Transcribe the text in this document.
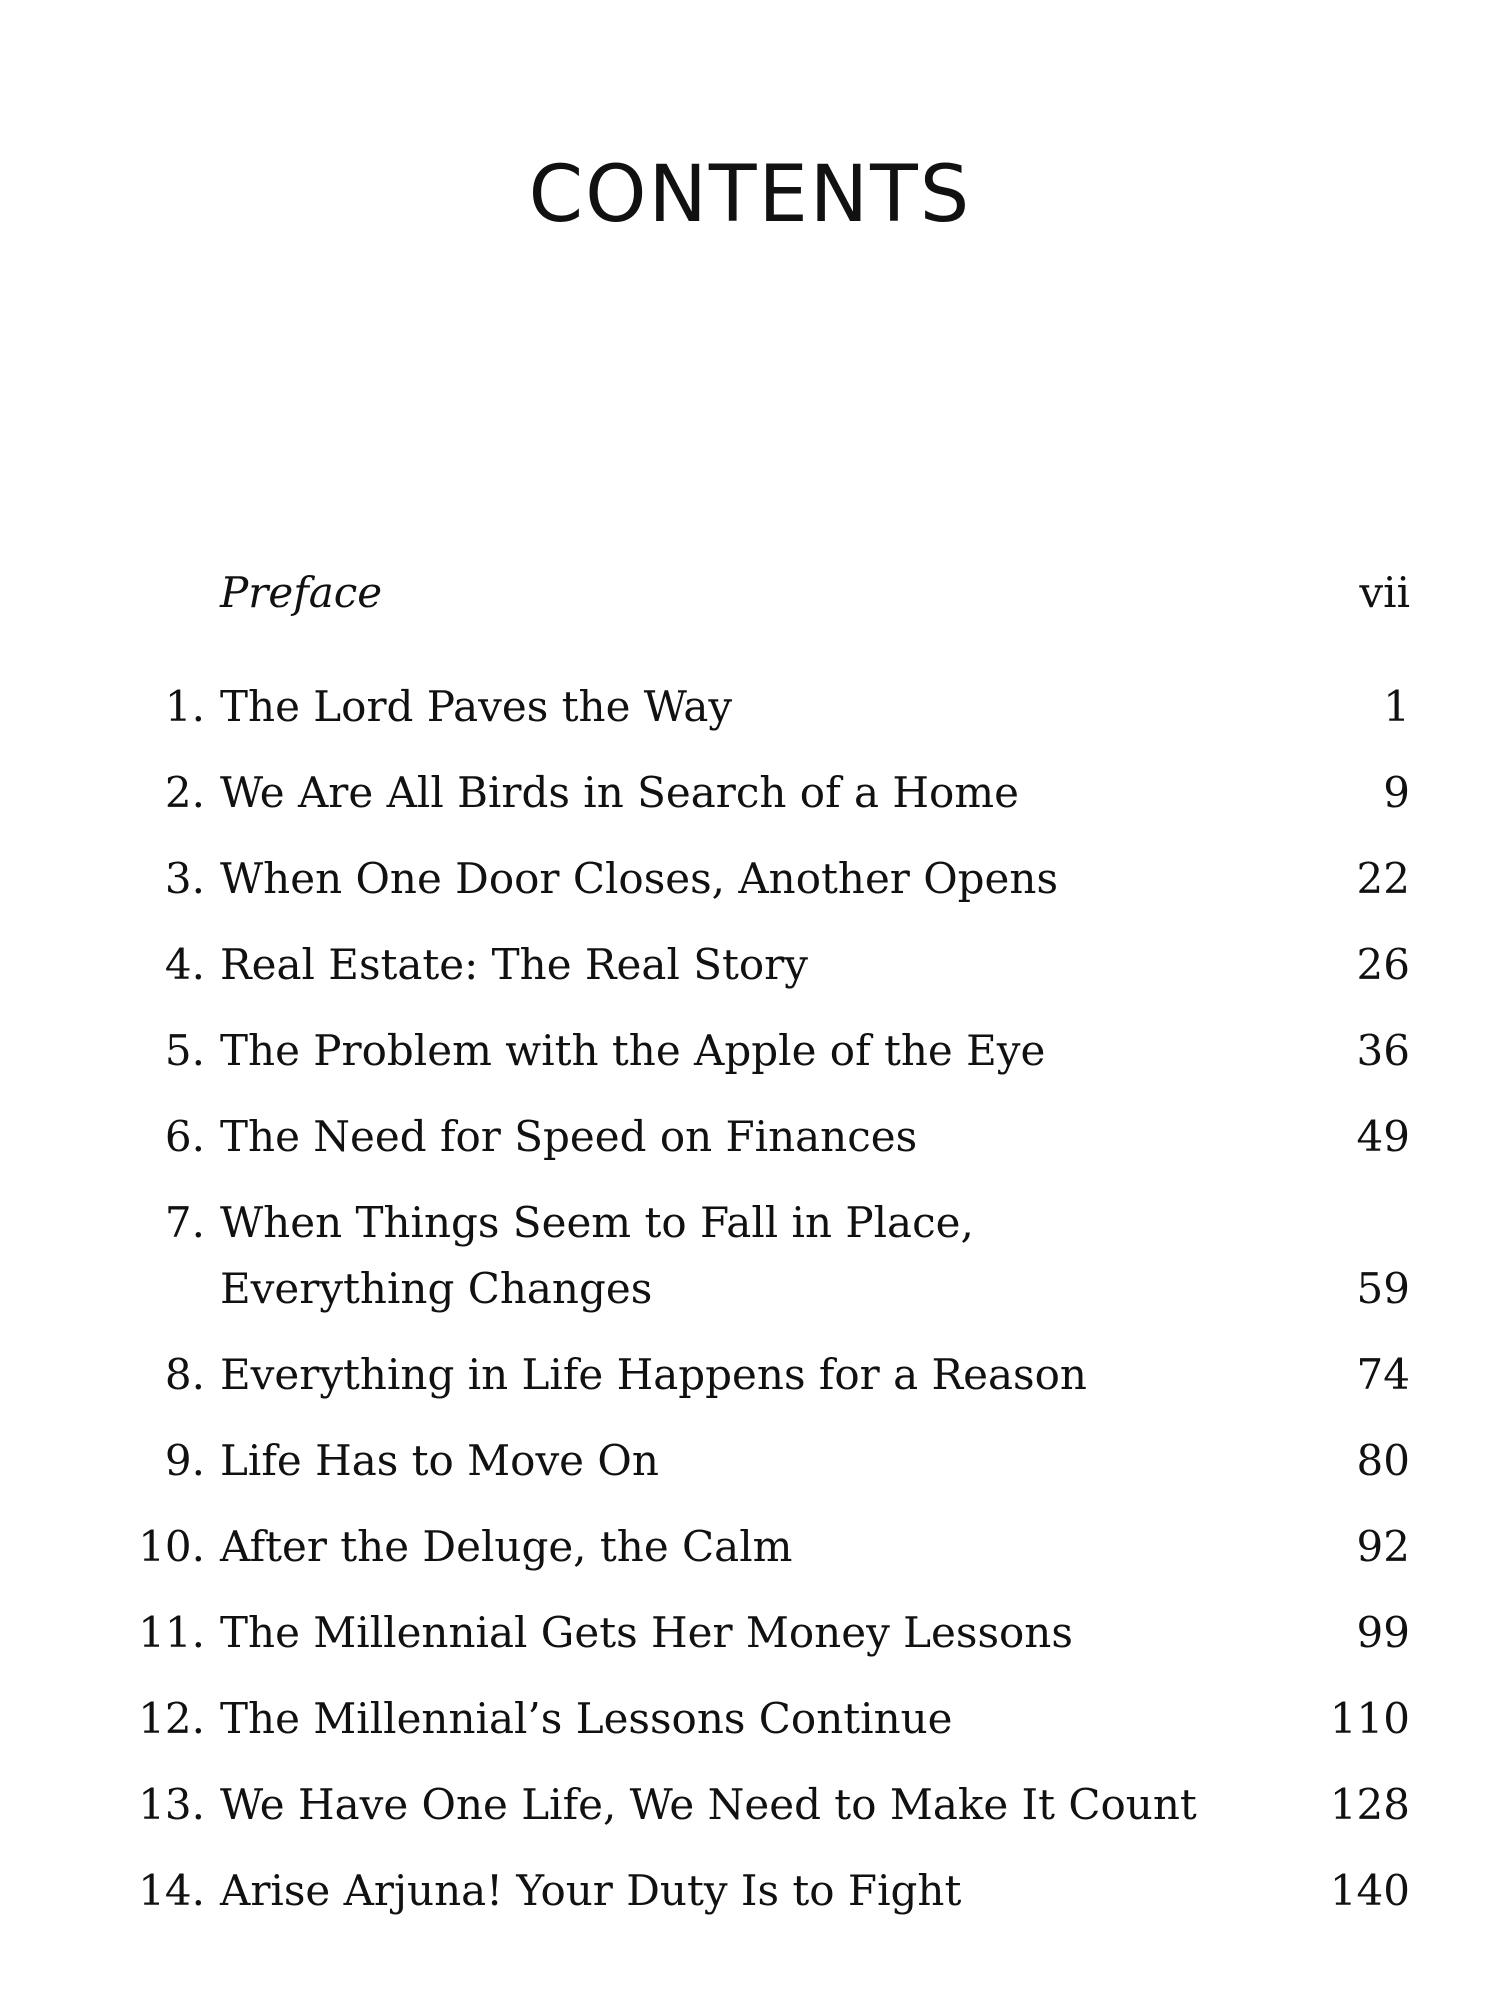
CONTENTS
Preface	vii
1. The Lord Paves the Way	1
2. We Are All Birds in Search of a Home	9
3. When One Door Closes, Another Opens	22
4. Real Estate: The Real Story	26
5. The Problem with the Apple of the Eye	36
6. The Need for Speed on Finances	49
7. When Things Seem to Fall in Place,
Everything Changes	59
8. Everything in Life Happens for a Reason	74
9. Life Has to Move On	80
10. After the Deluge, the Calm	92
11. The Millennial Gets Her Money Lessons	99
12. The Millennial’s Lessons Continue	110
13. We Have One Life, We Need to Make It Count	128
14. Arise Arjuna! Your Duty Is to Fight	140
